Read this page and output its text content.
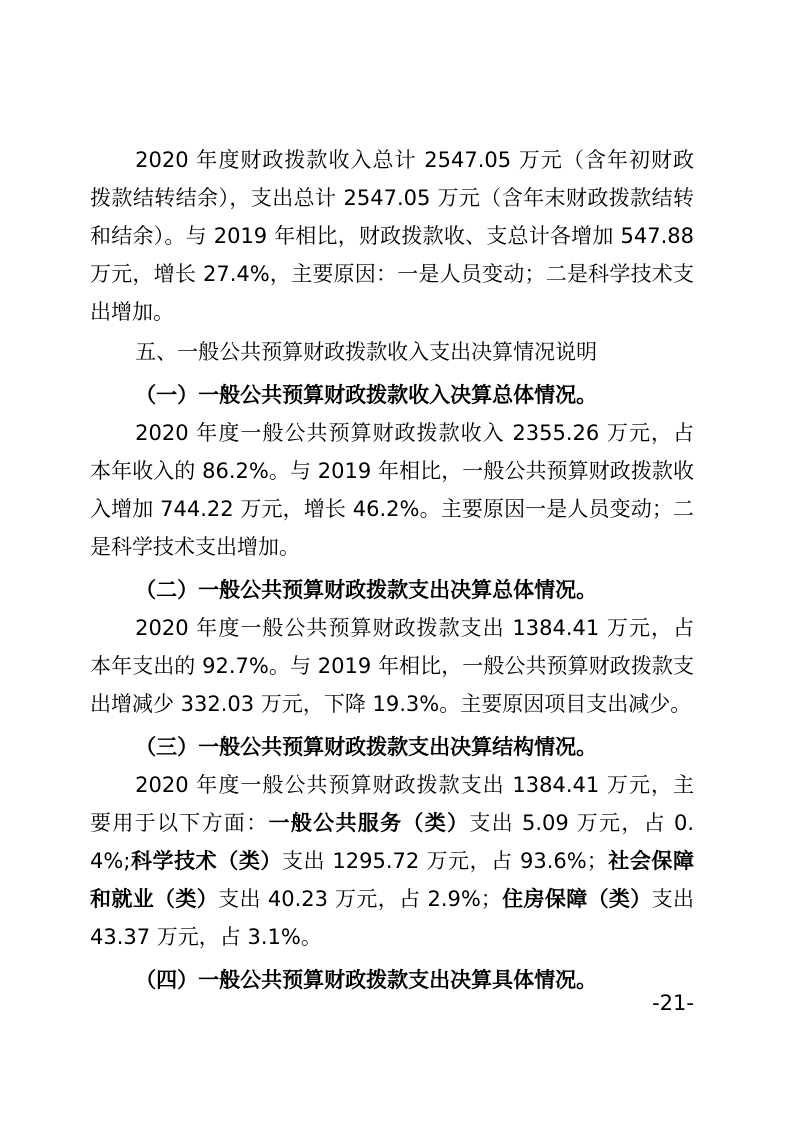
2020 年度财政拨款收入总计 2547.05 万元（含年初财政拨款结转结余），支出总计 2547.05 万元（含年末财政拨款结转和结余）。与 2019 年相比，财政拨款收、支总计各增加 547.88 万元，增长 27.4%，主要原因：一是人员变动；二是科学技术支出增加。

五、一般公共预算财政拨款收入支出决算情况说明

（一）一般公共预算财政拨款收入决算总体情况。

2020 年度一般公共预算财政拨款收入 2355.26 万元，占本年收入的 86.2%。与 2019 年相比，一般公共预算财政拨款收入增加 744.22 万元，增长 46.2%。主要原因一是人员变动；二是科学技术支出增加。

（二）一般公共预算财政拨款支出决算总体情况。

2020 年度一般公共预算财政拨款支出 1384.41 万元，占本年支出的 92.7%。与 2019 年相比，一般公共预算财政拨款支出增减少 332.03 万元，下降 19.3%。主要原因项目支出减少。

（三）一般公共预算财政拨款支出决算结构情况。

2020 年度一般公共预算财政拨款支出 1384.41 万元，主要用于以下方面：一般公共服务（类）支出 5.09 万元，占 0.4%;科学技术（类）支出 1295.72 万元，占 93.6%；社会保障和就业（类）支出 40.23 万元，占 2.9%；住房保障（类）支出 43.37 万元，占 3.1%。

（四）一般公共预算财政拨款支出决算具体情况。

-21-
